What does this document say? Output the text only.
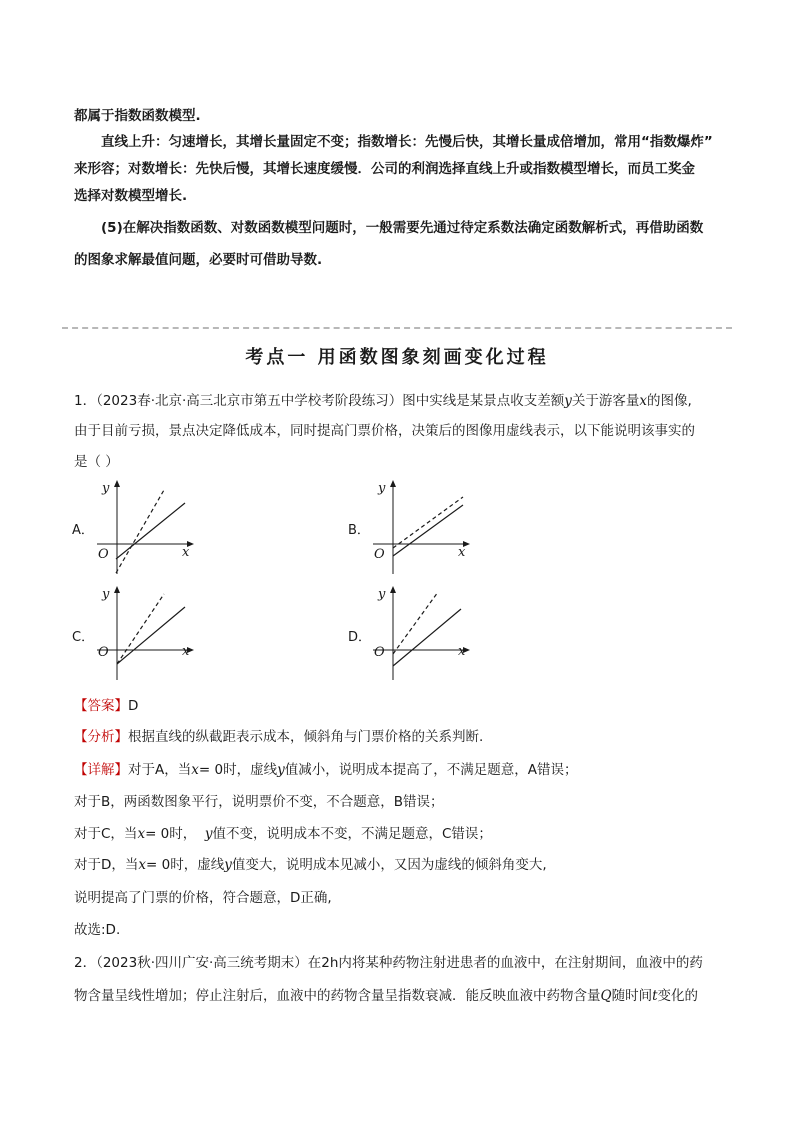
都属于指数函数模型.
直线上升：匀速增长，其增长量固定不变；指数增长：先慢后快，其增长量成倍增加，常用“指数爆炸”
来形容；对数增长：先快后慢，其增长速度缓慢．公司的利润选择直线上升或指数模型增长，而员工奖金
选择对数模型增长.
(5)在解决指数函数、对数函数模型问题时，一般需要先通过待定系数法确定函数解析式，再借助函数
的图象求解最值问题，必要时可借助导数.
考点一 用函数图象刻画变化过程
1．（2023春·北京·高三北京市第五中学校考阶段练习）图中实线是某景点收支差额y关于游客量x的图像,
由于目前亏损，景点决定降低成本，同时提高门票价格，决策后的图像用虚线表示，以下能说明该事实的
是（ ）
A．	B．
C．	D．
y
x
O
y
x
O
y
x
O
y
x
O
【答案】D
【分析】根据直线的纵截距表示成本，倾斜角与门票价格的关系判断.
【详解】对于A，当x= 0时，虚线y值减小，说明成本提高了，不满足题意，A错误；
对于B，两函数图象平行，说明票价不变，不合题意，B错误；
对于C，当x= 0时， y值不变，说明成本不变，不满足题意，C错误；
对于D，当x= 0时，虚线y值变大，说明成本见减小，又因为虚线的倾斜角变大,
说明提高了门票的价格，符合题意，D正确,
故选:D.
2．（2023秋·四川广安·高三统考期末）在2h内将某种药物注射进患者的血液中，在注射期间，血液中的药
物含量呈线性增加；停止注射后，血液中的药物含量呈指数衰减．能反映血液中药物含量Q随时间t变化的
